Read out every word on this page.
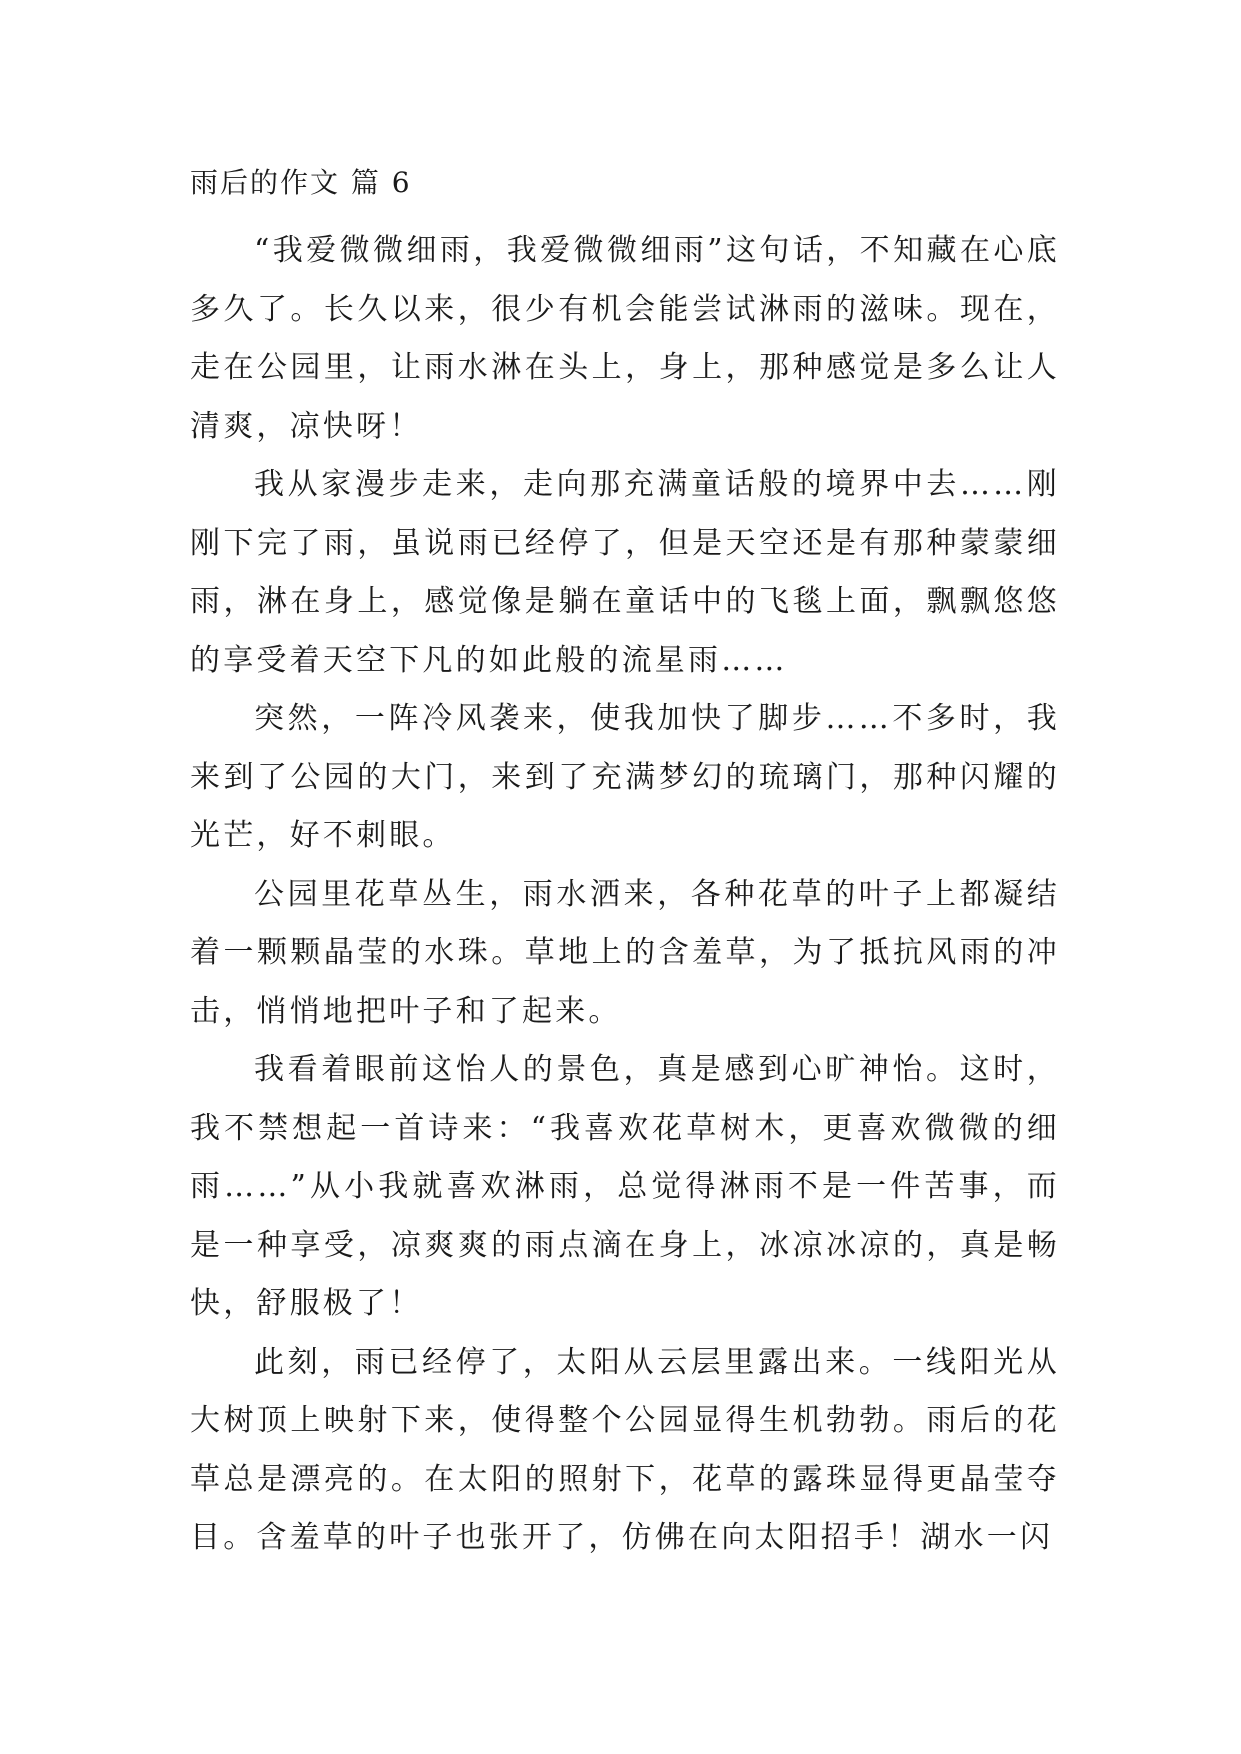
雨后的作文 篇 6

“我爱微微细雨，我爱微微细雨”这句话，不知藏在心底多久了。长久以来，很少有机会能尝试淋雨的滋味。现在，走在公园里，让雨水淋在头上，身上，那种感觉是多么让人清爽，凉快呀！

我从家漫步走来，走向那充满童话般的境界中去……刚刚下完了雨，虽说雨已经停了，但是天空还是有那种蒙蒙细雨，淋在身上，感觉像是躺在童话中的飞毯上面，飘飘悠悠的享受着天空下凡的如此般的流星雨……

突然，一阵冷风袭来，使我加快了脚步……不多时，我来到了公园的大门，来到了充满梦幻的琉璃门，那种闪耀的光芒，好不刺眼。

公园里花草丛生，雨水洒来，各种花草的叶子上都凝结着一颗颗晶莹的水珠。草地上的含羞草，为了抵抗风雨的冲击，悄悄地把叶子和了起来。

我看着眼前这怡人的景色，真是感到心旷神怡。这时，我不禁想起一首诗来：“我喜欢花草树木，更喜欢微微的细雨……”从小我就喜欢淋雨，总觉得淋雨不是一件苦事，而是一种享受，凉爽爽的雨点滴在身上，冰凉冰凉的，真是畅快，舒服极了！

此刻，雨已经停了，太阳从云层里露出来。一线阳光从大树顶上映射下来，使得整个公园显得生机勃勃。雨后的花草总是漂亮的。在太阳的照射下，花草的露珠显得更晶莹夺目。含羞草的叶子也张开了，仿佛在向太阳招手！湖水一闪
